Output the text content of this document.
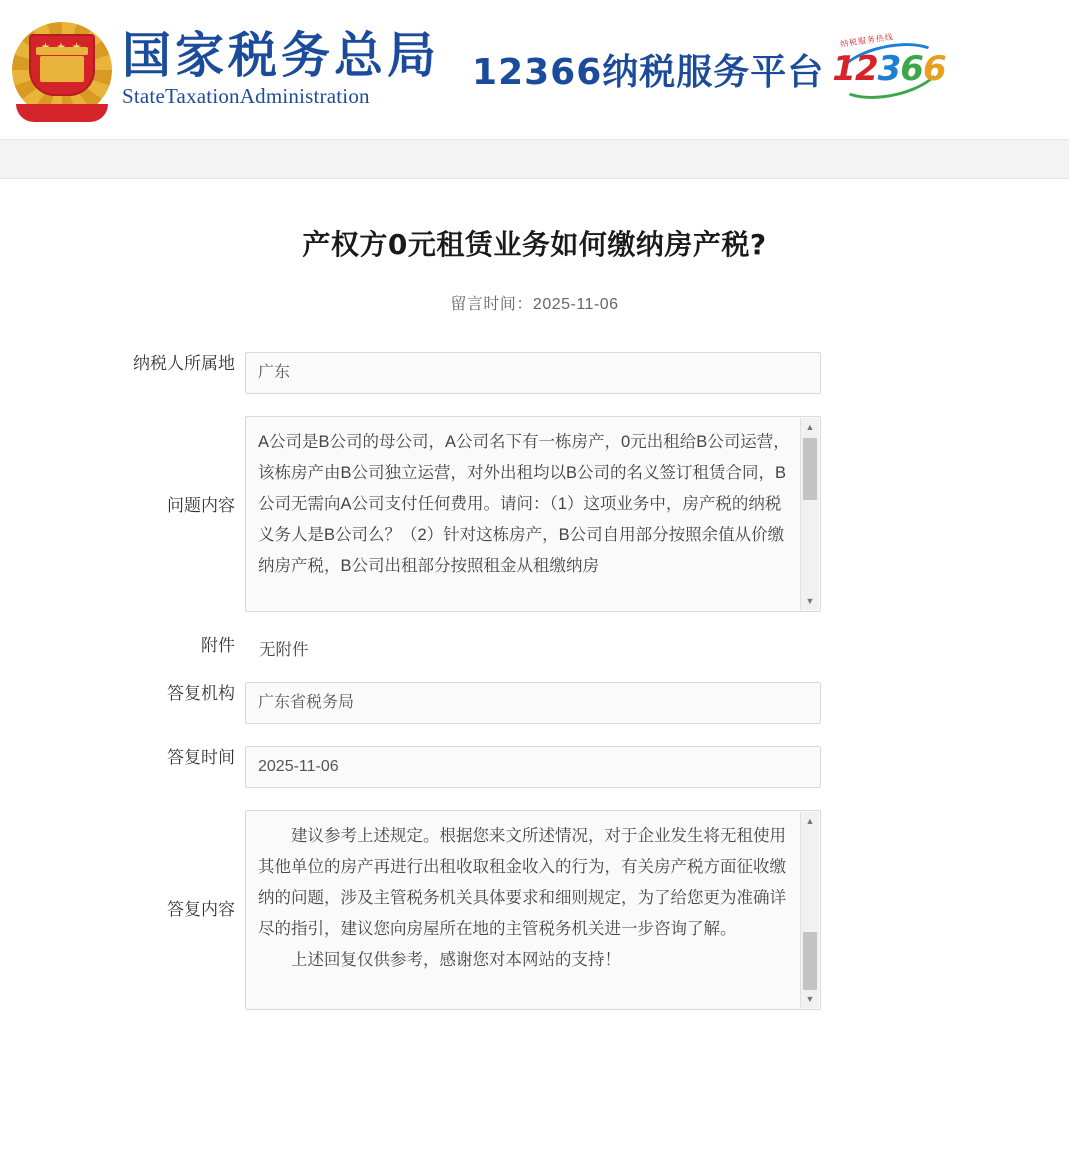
国家税务总局
StateTaxationAdministration
12366纳税服务平台
纳税服务热线
12366
产权方0元租赁业务如何缴纳房产税?
留言时间：2025-11-06
纳税人所属地	广东
问题内容

A公司是B公司的母公司，A公司名下有一栋房产，0元出租给B公司运营，该栋房产由B公司独立运营，对外出租均以B公司的名义签订租赁合同，B公司无需向A公司支付任何费用。请问：（1）这项业务中，房产税的纳税义务人是B公司么？（2）针对这栋房产，B公司自用部分按照余值从价缴纳房产税，B公司出租部分按照租金从租缴纳房

▲
▼
附件	无附件
答复机构	广东省税务局
答复时间	2025-11-06
答复内容

建议参考上述规定。根据您来文所述情况，对于企业发生将无租使用其他单位的房产再进行出租收取租金收入的行为，有关房产税方面征收缴纳的问题，涉及主管税务机关具体要求和细则规定，为了给您更为准确详尽的指引，建议您向房屋所在地的主管税务机关进一步咨询了解。

上述回复仅供参考，感谢您对本网站的支持！

▲
▼
